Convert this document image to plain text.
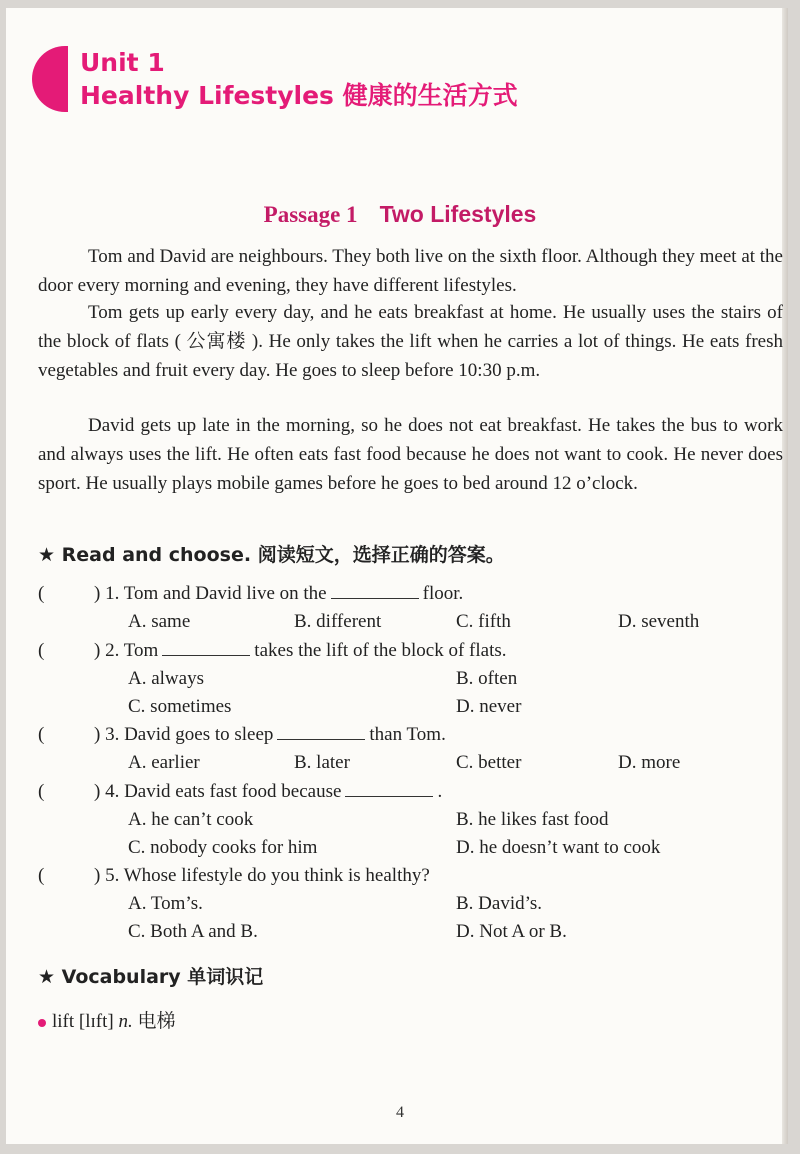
Unit 1
Healthy Lifestyles 健康的生活方式
Passage 1 Two Lifestyles
Tom and David are neighbours. They both live on the sixth floor. Although they meet at the door every morning and evening, they have different lifestyles.
Tom gets up early every day, and he eats breakfast at home. He usually uses the stairs of the block of flats ( 公寓楼 ). He only takes the lift when he carries a lot of things. He eats fresh vegetables and fruit every day. He goes to sleep before 10:30 p.m.
David gets up late in the morning, so he does not eat breakfast. He takes the bus to work and always uses the lift. He often eats fast food because he does not want to cook. He never does sport. He usually plays mobile games before he goes to bed around 12 o’clock.
★ Read and choose. 阅读短文，选择正确的答案。
(	) 1. Tom and David live on the	floor.
A. same	B. different	C. fifth	D. seventh
(	) 2. Tom	takes the lift of the block of flats.
A. always	B. often
C. sometimes	D. never
(	) 3. David goes to sleep	than Tom.
A. earlier	B. later	C. better	D. more
(	) 4. David eats fast food because	.
A. he can’t cook	B. he likes fast food
C. nobody cooks for him	D. he doesn’t want to cook
(	) 5. Whose lifestyle do you think is healthy?
A. Tom’s.	B. David’s.
C. Both A and B.	D. Not A or B.
★ Vocabulary 单词识记
lift [lɪft] n. 电梯
4
